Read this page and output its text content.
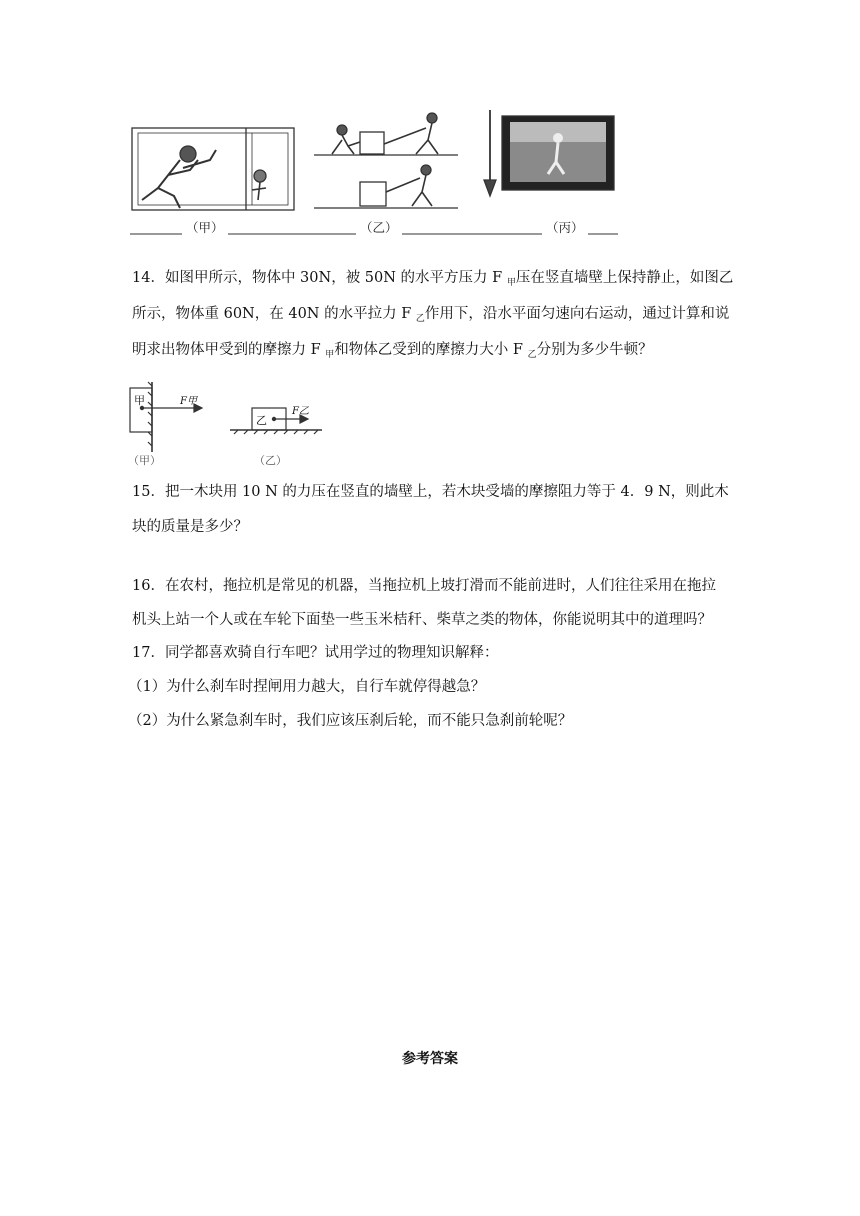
（甲）	（乙）	（丙）
14．如图甲所示，物体中 30N，被 50N 的水平方压力 F $_甲$压在竖直墙壁上保持静止，如图乙
所示，物体重 60N，在 40N 的水平拉力 F $_乙$作用下，沿水平面匀速向右运动，通过计算和说
明求出物体甲受到的摩擦力 F $_甲$和物体乙受到的摩擦力大小 F $_乙$分别为多少牛顿？
甲	F甲
乙
F乙
（甲）	（乙）
15．把一木块用 10 N 的力压在竖直的墙壁上，若木块受墙的摩擦阻力等于 4．9 N，则此木
块的质量是多少？
16．在农村，拖拉机是常见的机器，当拖拉机上坡打滑而不能前进时，人们往往采用在拖拉
机头上站一个人或在车轮下面垫一些玉米桔秆、柴草之类的物体，你能说明其中的道理吗？
17．同学都喜欢骑自行车吧？试用学过的物理知识解释：
（1）为什么刹车时捏闸用力越大，自行车就停得越急？
（2）为什么紧急刹车时，我们应该压刹后轮，而不能只急刹前轮呢？
参考答案
